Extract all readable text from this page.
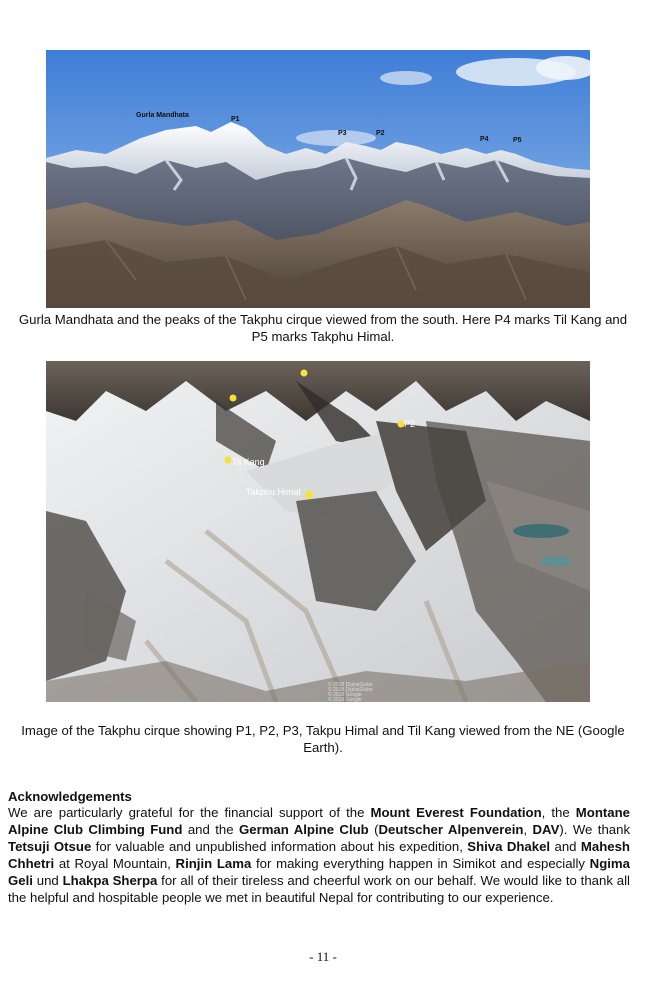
Gurla Mandhata
P1
P3	P2
P4	P5
Gurla Mandhata and the peaks of the Takphu cirque viewed from the south. Here P4 marks Til Kang and P5 marks Takphu Himal.
P2
Til Kang
Takphu Himal
© 2018 DigitalGlobe
© 2018 DigitalGlobe
© 2018 Google
© 2018 Google
Image of the Takphu cirque showing P1, P2, P3, Takpu Himal and Til Kang viewed from the NE (Google Earth).
Acknowledgements
We are particularly grateful for the financial support of the Mount Everest Foundation, the Montane Alpine Club Climbing Fund and the German Alpine Club (Deutscher Alpenverein, DAV). We thank Tetsuji Otsue for valuable and unpublished information about his expedition, Shiva Dhakel and Mahesh Chhetri at Royal Mountain, Rinjin Lama for making everything happen in Simikot and especially Ngima Geli und Lhakpa Sherpa for all of their tireless and cheerful work on our behalf. We would like to thank all the helpful and hospitable people we met in beautiful Nepal for contributing to our experience.
- 11 -
